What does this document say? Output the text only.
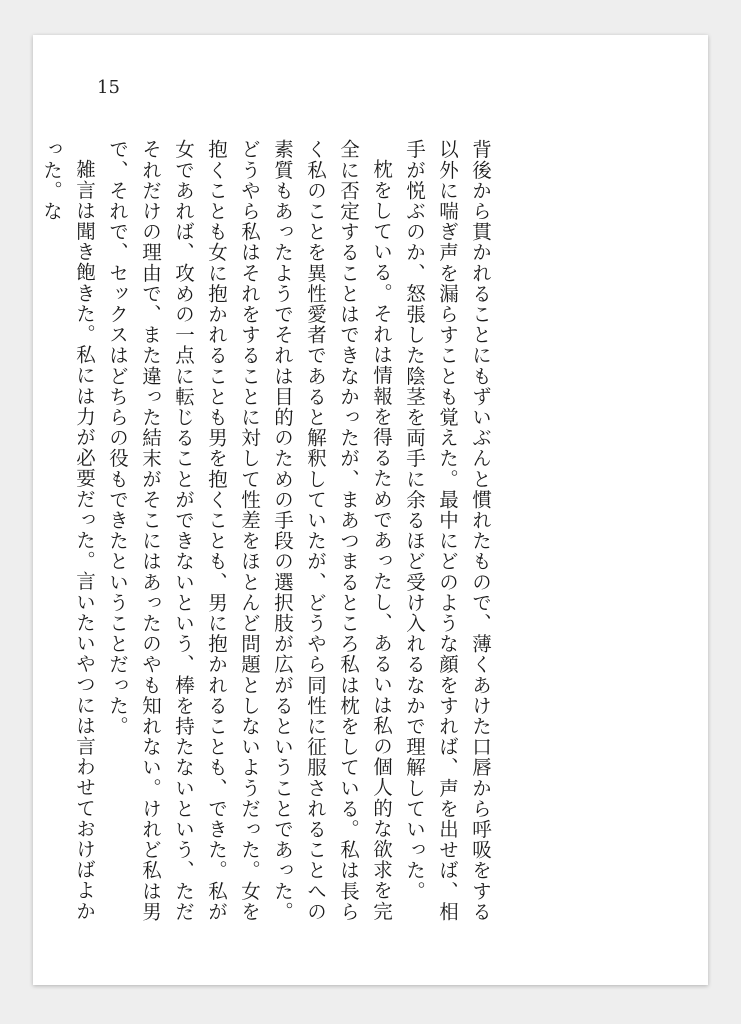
15

背後から貫かれることにもずいぶんと慣れたもので、薄くあけた口唇から呼吸をする以外に喘ぎ声を漏らすことも覚えた。最中にどのような顔をすれば、声を出せば、相手が悦ぶのか、怒張した陰茎を両手に余るほど受け入れるなかで理解していった。

枕をしている。それは情報を得るためであったし、あるいは私の個人的な欲求を完全に否定することはできなかったが、まあつまるところ私は枕をしている。私は長らく私のことを異性愛者であると解釈していたが、どうやら同性に征服されることへの素質もあったようでそれは目的のための手段の選択肢が広がるということであった。どうやら私はそれをすることに対して性差をほとんど問題としないようだった。女を抱くことも女に抱かれることも男を抱くことも、男に抱かれることも、できた。私が女であれば、攻めの一点に転じることができないという、棒を持たないという、ただそれだけの理由で、また違った結末がそこにはあったのやも知れない。けれど私は男で、それで、セックスはどちらの役もできたということだった。

雑言は聞き飽きた。私には力が必要だった。言いたいやつには言わせておけばよかった。な
